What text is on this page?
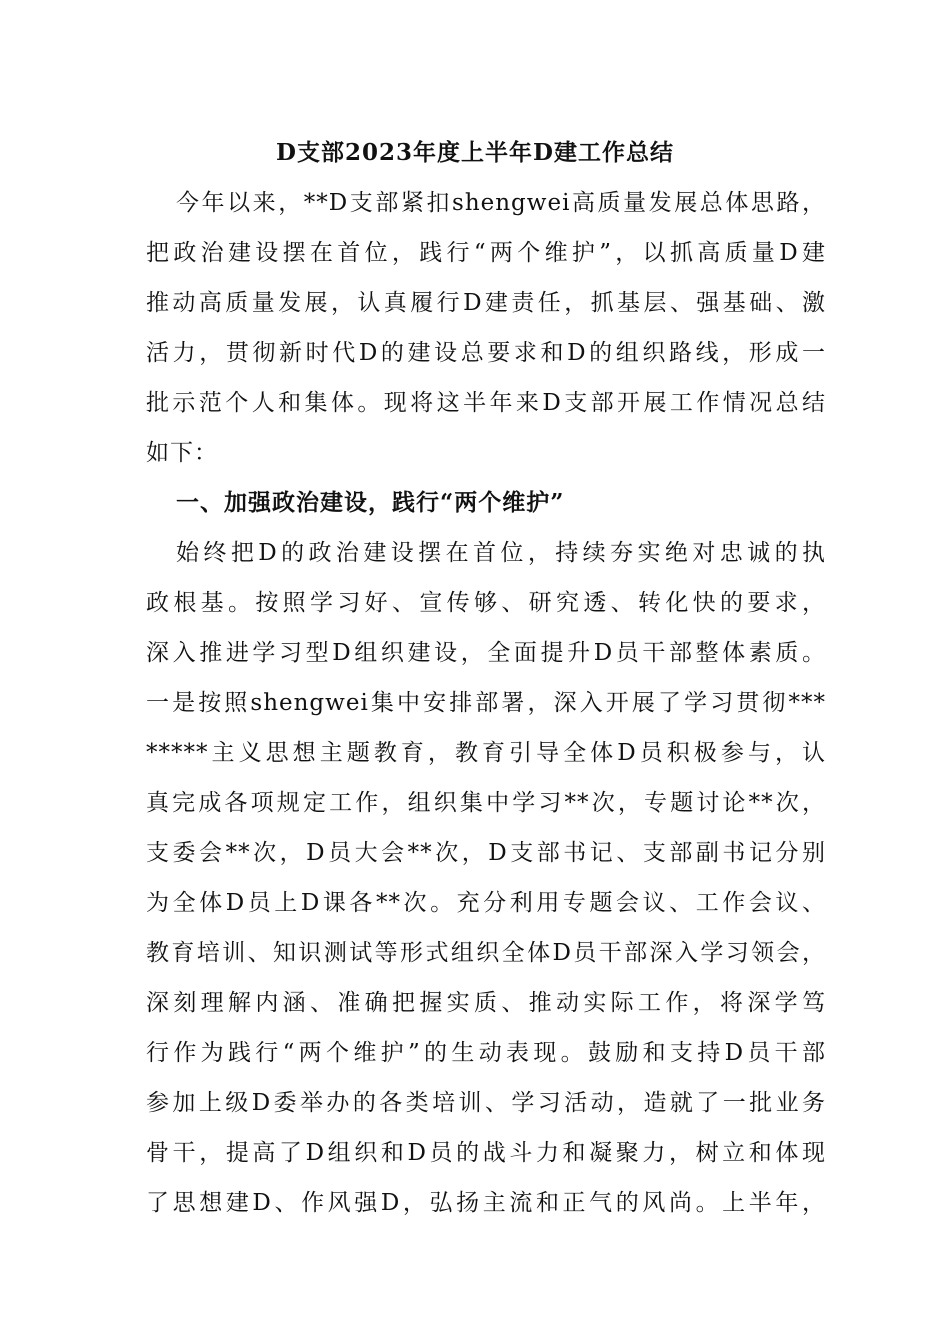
D支部2023年度上半年D建工作总结
今年以来，**D支部紧扣shengwei高质量发展总体思路，
把政治建设摆在首位，践行“两个维护”，以抓高质量D建
推动高质量发展，认真履行D建责任，抓基层、强基础、激
活力，贯彻新时代D的建设总要求和D的组织路线，形成一
批示范个人和集体。现将这半年来D支部开展工作情况总结
如下：
一、加强政治建设，践行“两个维护”
始终把D的政治建设摆在首位，持续夯实绝对忠诚的执
政根基。按照学习好、宣传够、研究透、转化快的要求，
深入推进学习型D组织建设，全面提升D员干部整体素质。
一是按照shengwei集中安排部署，深入开展了学习贯彻***
*****主义思想主题教育，教育引导全体D员积极参与，认
真完成各项规定工作，组织集中学习**次，专题讨论**次，
支委会**次，D员大会**次，D支部书记、支部副书记分别
为全体D员上D课各**次。充分利用专题会议、工作会议、
教育培训、知识测试等形式组织全体D员干部深入学习领会，
深刻理解内涵、准确把握实质、推动实际工作，将深学笃
行作为践行“两个维护”的生动表现。鼓励和支持D员干部
参加上级D委举办的各类培训、学习活动，造就了一批业务
骨干，提高了D组织和D员的战斗力和凝聚力，树立和体现
了思想建D、作风强D，弘扬主流和正气的风尚。上半年，
